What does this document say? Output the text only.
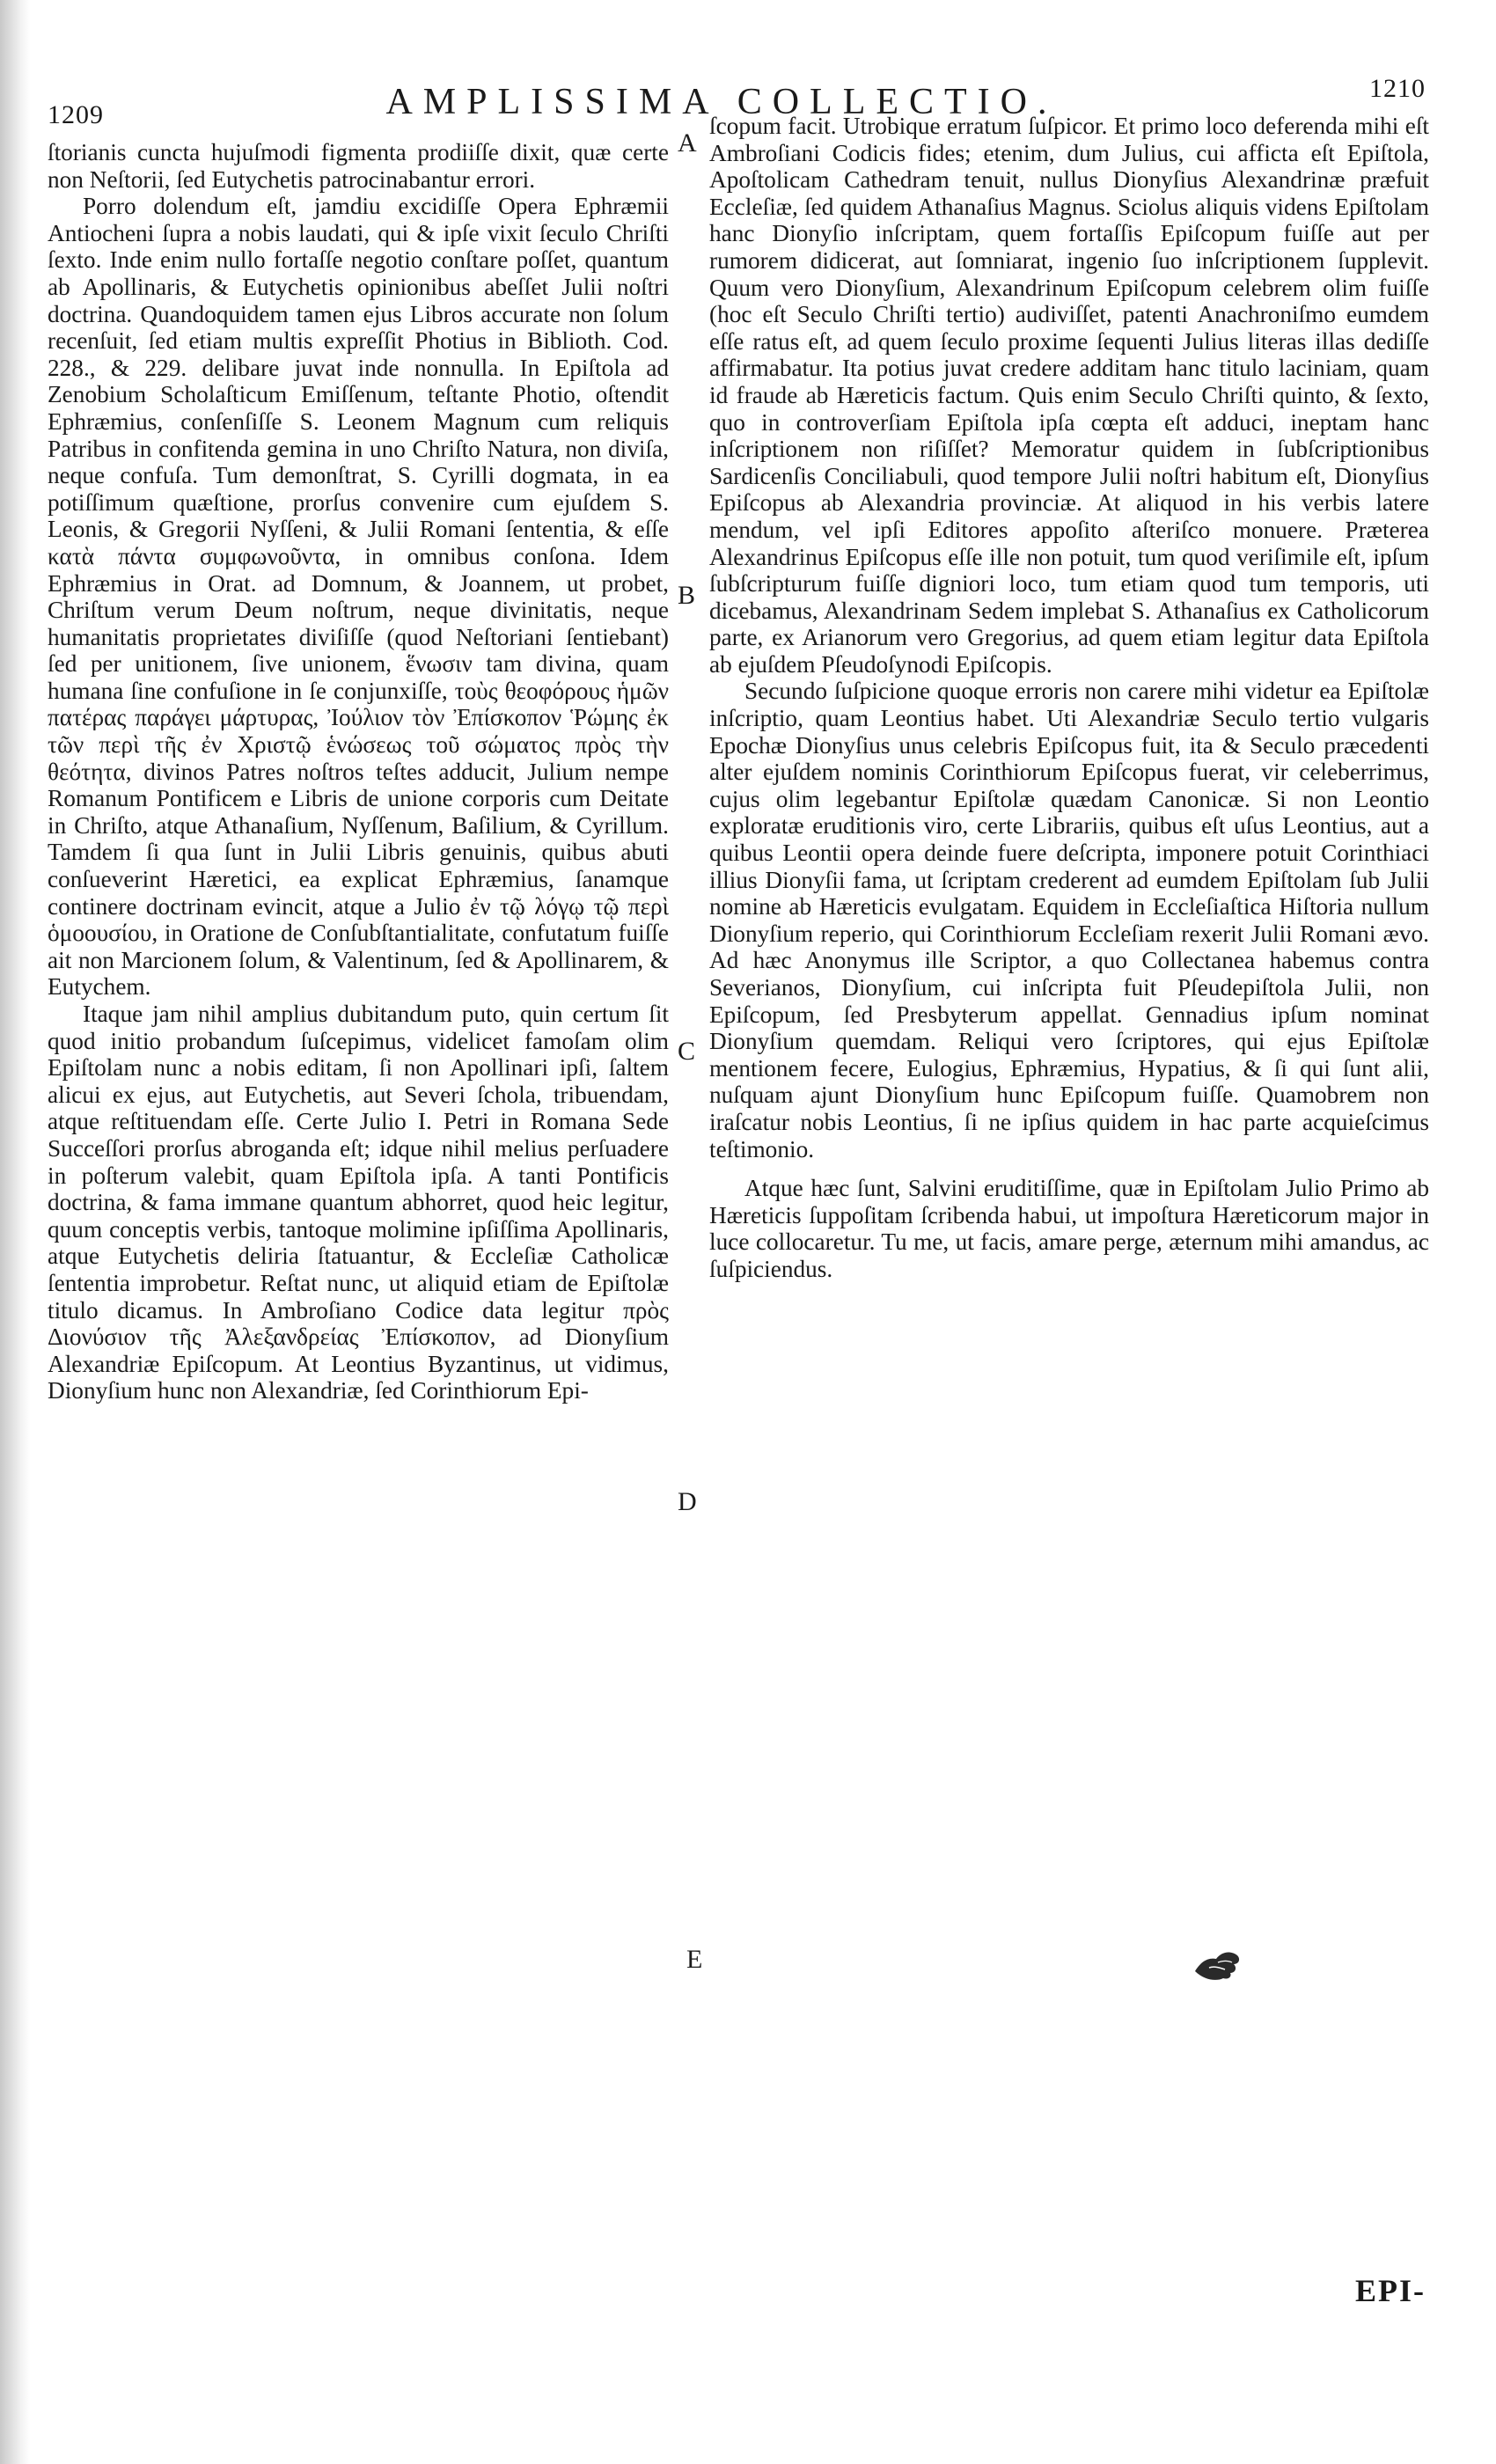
1209	AMPLISSIMA COLLECTIO.	1210

ſtorianis cuncta hujuſmodi figmenta prodiiſſe dixit, quæ certe non Neſtorii, ſed Eutychetis patrocinabantur errori.

Porro dolendum eſt, jamdiu excidiſſe Opera Ephræmii Antiocheni ſupra a nobis laudati, qui & ipſe vixit ſeculo Chriſti ſexto. Inde enim nullo fortaſſe negotio conſtare poſſet, quantum ab Apollinaris, & Eutychetis opinionibus abeſſet Julii noſtri doctrina. Quandoquidem tamen ejus Libros accurate non ſolum recenſuit, ſed etiam multis expreſſit Photius in Biblioth. Cod. 228., & 229. delibare juvat inde nonnulla. In Epiſtola ad Zenobium Scholaſticum Emiſſenum, teſtante Photio, oſtendit Ephræmius, conſenſiſſe S. Leonem Magnum cum reliquis Patribus in confitenda gemina in uno Chriſto Natura, non diviſa, neque confuſa. Tum demonſtrat, S. Cyrilli dogmata, in ea potiſſimum quæſtione, prorſus convenire cum ejuſdem S. Leonis, & Gregorii Nyſſeni, & Julii Romani ſententia, & eſſe κατὰ πάντα συμφωνοῦντα, in omnibus conſona. Idem Ephræmius in Orat. ad Domnum, & Joannem, ut probet, Chriſtum verum Deum noſtrum, neque divinitatis, neque humanitatis proprietates diviſiſſe (quod Neſtoriani ſentiebant) ſed per unitionem, ſive unionem, ἕνωσιν tam divina, quam humana ſine confuſione in ſe conjunxiſſe, τοὺς θεοφόρους ἡμῶν πατέρας παράγει μάρτυρας, Ἰούλιον τὸν Ἐπίσκοπον Ῥώμης ἐκ τῶν περὶ τῆς ἐν Χριστῷ ἑνώσεως τοῦ σώματος πρὸς τὴν θεότητα, divinos Patres noſtros teſtes adducit, Julium nempe Romanum Pontificem e Libris de unione corporis cum Deitate in Chriſto, atque Athanaſium, Nyſſenum, Baſilium, & Cyrillum. Tamdem ſi qua ſunt in Julii Libris genuinis, quibus abuti conſueverint Hæretici, ea explicat Ephræmius, ſanamque continere doctrinam evincit, atque a Julio ἐν τῷ λόγῳ τῷ περὶ ὁμοουσίου, in Oratione de Conſubſtantialitate, confutatum fuiſſe ait non Marcionem ſolum, & Valentinum, ſed & Apollinarem, & Eutychem.

Itaque jam nihil amplius dubitandum puto, quin certum ſit quod initio probandum ſuſcepimus, videlicet famoſam olim Epiſtolam nunc a nobis editam, ſi non Apollinari ipſi, ſaltem alicui ex ejus, aut Eutychetis, aut Severi ſchola, tribuendam, atque reſtituendam eſſe. Certe Julio I. Petri in Romana Sede Succeſſori prorſus abroganda eſt; idque nihil melius perſuadere in poſterum valebit, quam Epiſtola ipſa. A tanti Pontificis doctrina, & fama immane quantum abhorret, quod heic legitur, quum conceptis verbis, tantoque molimine ipſiſſima Apollinaris, atque Eutychetis deliria ſtatuantur, & Eccleſiæ Catholicæ ſententia improbetur. Reſtat nunc, ut aliquid etiam de Epiſtolæ titulo dicamus. In Ambroſiano Codice data legitur πρὸς Διονύσιον τῆς Ἀλεξανδρείας Ἐπίσκοπον, ad Dionyſium Alexandriæ Epiſcopum. At Leontius Byzantinus, ut vidimus, Dionyſium hunc non Alexandriæ, ſed Corinthiorum Epi-

ſcopum facit. Utrobique erratum ſuſpicor. Et primo loco deferenda mihi eſt Ambroſiani Codicis fides; etenim, dum Julius, cui afficta eſt Epiſtola, Apoſtolicam Cathedram tenuit, nullus Dionyſius Alexandrinæ præfuit Eccleſiæ, ſed quidem Athanaſius Magnus. Sciolus aliquis videns Epiſtolam hanc Dionyſio inſcriptam, quem fortaſſis Epiſcopum fuiſſe aut per rumorem didicerat, aut ſomniarat, ingenio ſuo inſcriptionem ſupplevit. Quum vero Dionyſium, Alexandrinum Epiſcopum celebrem olim fuiſſe (hoc eſt Seculo Chriſti tertio) audiviſſet, patenti Anachroniſmo eumdem eſſe ratus eſt, ad quem ſeculo proxime ſequenti Julius literas illas dediſſe affirmabatur. Ita potius juvat credere additam hanc titulo laciniam, quam id fraude ab Hæreticis factum. Quis enim Seculo Chriſti quinto, & ſexto, quo in controverſiam Epiſtola ipſa cœpta eſt adduci, ineptam hanc inſcriptionem non riſiſſet? Memoratur quidem in ſubſcriptionibus Sardicenſis Conciliabuli, quod tempore Julii noſtri habitum eſt, Dionyſius Epiſcopus ab Alexandria provinciæ. At aliquod in his verbis latere mendum, vel ipſi Editores appoſito aſteriſco monuere. Præterea Alexandrinus Epiſcopus eſſe ille non potuit, tum quod veriſimile eſt, ipſum ſubſcripturum fuiſſe digniori loco, tum etiam quod tum temporis, uti dicebamus, Alexandrinam Sedem implebat S. Athanaſius ex Catholicorum parte, ex Arianorum vero Gregorius, ad quem etiam legitur data Epiſtola ab ejuſdem Pſeudoſynodi Epiſcopis.

Secundo ſuſpicione quoque erroris non carere mihi videtur ea Epiſtolæ inſcriptio, quam Leontius habet. Uti Alexandriæ Seculo tertio vulgaris Epochæ Dionyſius unus celebris Epiſcopus fuit, ita & Seculo præcedenti alter ejuſdem nominis Corinthiorum Epiſcopus fuerat, vir celeberrimus, cujus olim legebantur Epiſtolæ quædam Canonicæ. Si non Leontio exploratæ eruditionis viro, certe Librariis, quibus eſt uſus Leontius, aut a quibus Leontii opera deinde fuere deſcripta, imponere potuit Corinthiaci illius Dionyſii fama, ut ſcriptam crederent ad eumdem Epiſtolam ſub Julii nomine ab Hæreticis evulgatam. Equidem in Eccleſiaſtica Hiſtoria nullum Dionyſium reperio, qui Corinthiorum Eccleſiam rexerit Julii Romani ævo. Ad hæc Anonymus ille Scriptor, a quo Collectanea habemus contra Severianos, Dionyſium, cui inſcripta fuit Pſeudepiſtola Julii, non Epiſcopum, ſed Presbyterum appellat. Gennadius ipſum nominat Dionyſium quemdam. Reliqui vero ſcriptores, qui ejus Epiſtolæ mentionem fecere, Eulogius, Ephræmius, Hypatius, & ſi qui ſunt alii, nuſquam ajunt Dionyſium hunc Epiſcopum fuiſſe. Quamobrem non iraſcatur nobis Leontius, ſi ne ipſius quidem in hac parte acquieſcimus teſtimonio.

Atque hæc ſunt, Salvini eruditiſſime, quæ in Epiſtolam Julio Primo ab Hæreticis ſuppoſitam ſcribenda habui, ut impoſtura Hæreticorum major in luce collocaretur. Tu me, ut facis, amare perge, æternum mihi amandus, ac ſuſpiciendus.

A
B
C
D
E
EPI-
